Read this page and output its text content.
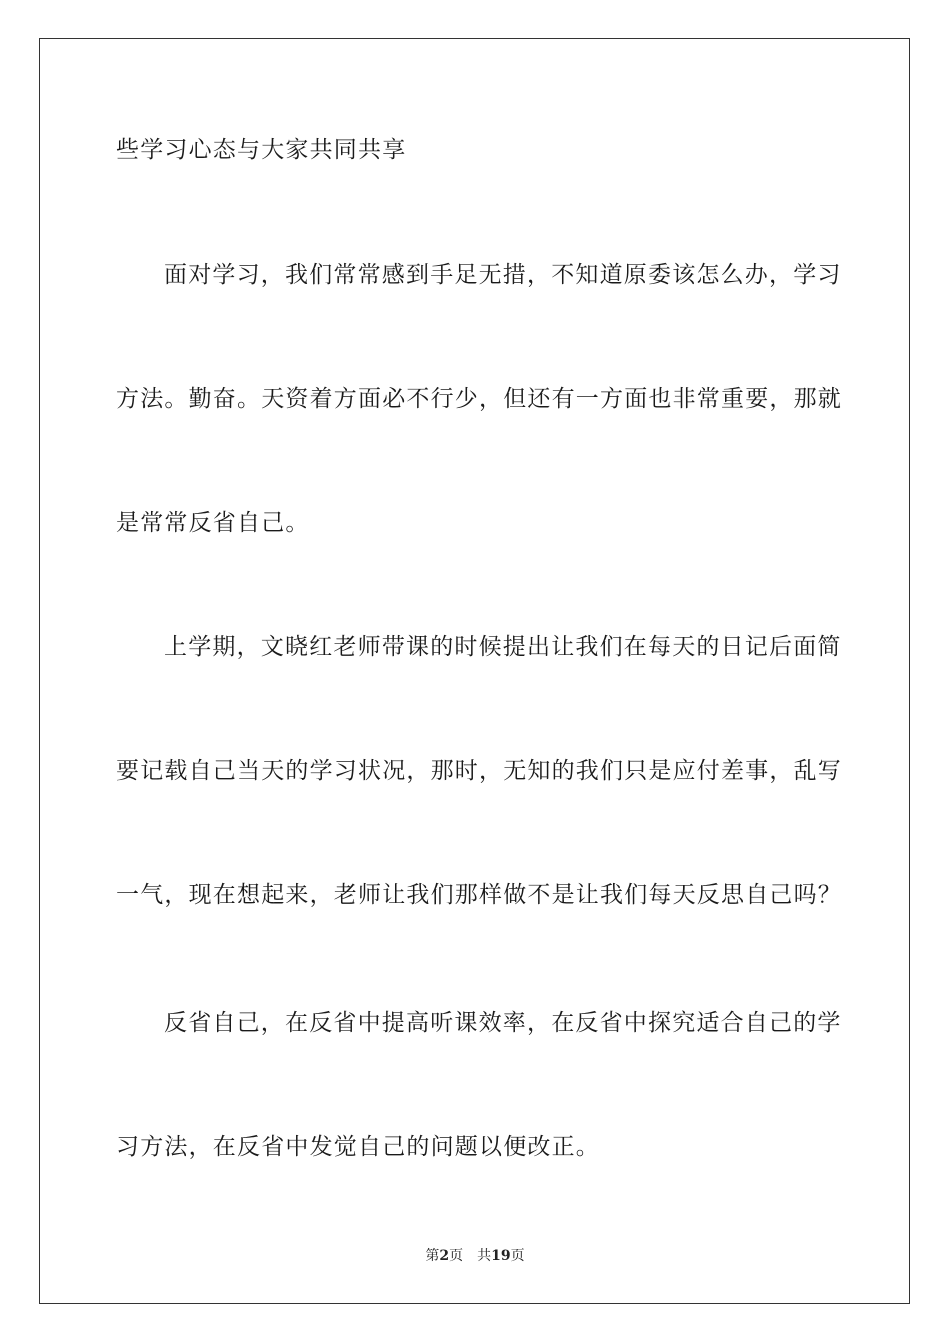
些学习心态与大家共同共享
面对学习，我们常常感到手足无措，不知道原委该怎么办，学习
方法。勤奋。天资着方面必不行少，但还有一方面也非常重要，那就
是常常反省自己。
上学期，文晓红老师带课的时候提出让我们在每天的日记后面简
要记载自己当天的学习状况，那时，无知的我们只是应付差事，乱写
一气，现在想起来，老师让我们那样做不是让我们每天反思自己吗？
反省自己，在反省中提高听课效率，在反省中探究适合自己的学
习方法，在反省中发觉自己的问题以便改正。
第2页 共19页
